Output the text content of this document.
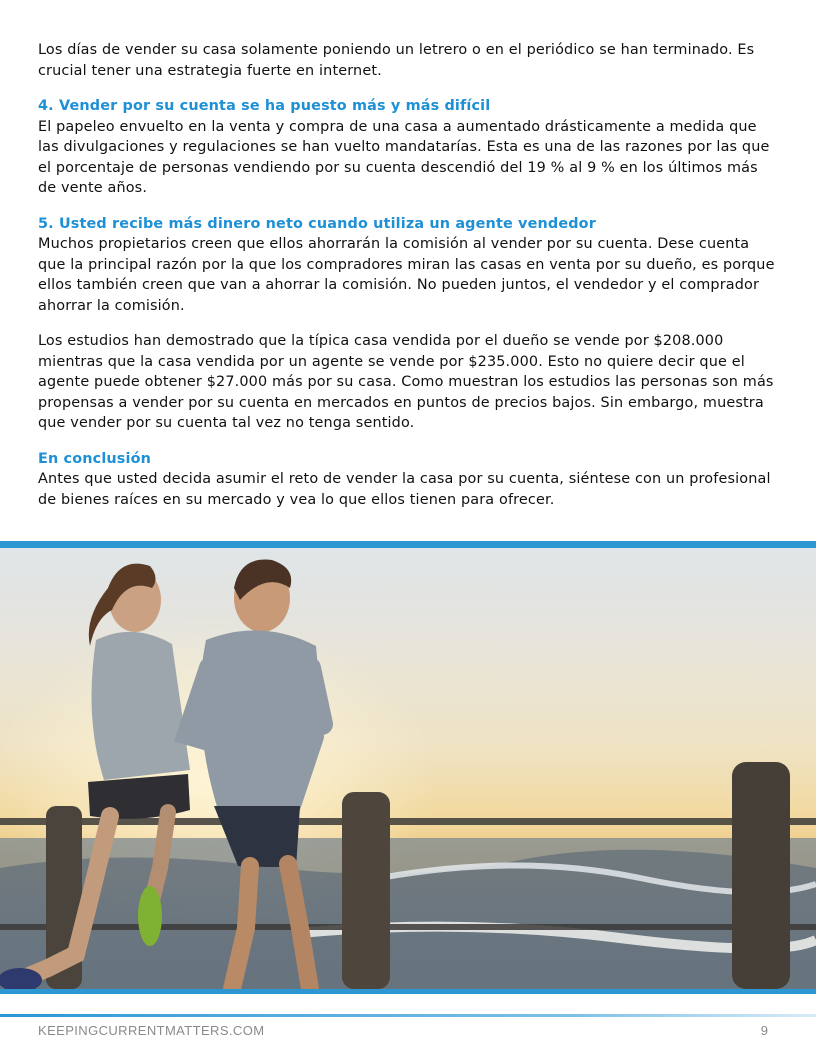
Los días de vender su casa solamente poniendo un letrero o en el periódico se han terminado. Es crucial tener una estrategia fuerte en internet.

4. Vender por su cuenta se ha puesto más y más difícil

El papeleo envuelto en la venta y compra de una casa a aumentado drásticamente a medida que las divulgaciones y regulaciones se han vuelto mandatarías. Esta es una de las razones por las que el porcentaje de personas vendiendo por su cuenta descendió del 19 % al 9 % en los últimos más de vente años.

5. Usted recibe más dinero neto cuando utiliza un agente vendedor

Muchos propietarios creen que ellos ahorrarán la comisión al vender por su cuenta. Dese cuenta que la principal razón por la que los compradores miran las casas en venta por su dueño, es porque ellos también creen que van a ahorrar la comisión. No pueden juntos, el vendedor y el comprador ahorrar la comisión.

Los estudios han demostrado que la típica casa vendida por el dueño se vende por $208.000 mientras que la casa vendida por un agente se vende por $235.000. Esto no quiere decir que el agente puede obtener $27.000 más por su casa. Como muestran los estudios las personas son más propensas a vender por su cuenta en mercados en puntos de precios bajos. Sin embargo, muestra que vender por su cuenta tal vez no tenga sentido.

En conclusión

Antes que usted decida asumir el reto de vender la casa por su cuenta, siéntese con un profesional de bienes raíces en su mercado y vea lo que ellos tienen para ofrecer.

KEEPINGCURRENTMATTERS.COM	9
